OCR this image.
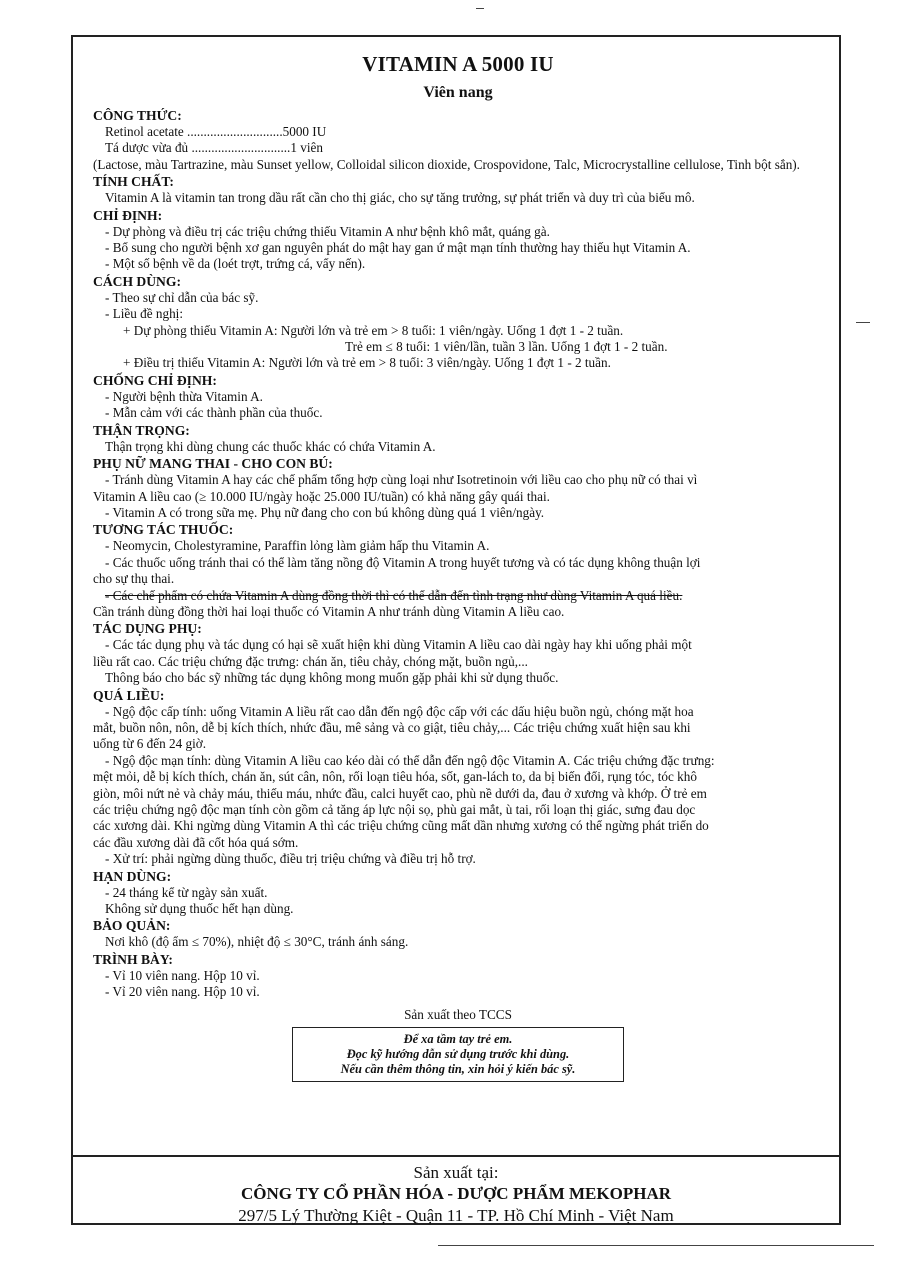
VITAMIN A 5000 IU
Viên nang
CÔNG THỨC:
Retinol acetate .............................5000 IU
Tá dược vừa đủ ..............................1 viên
(Lactose, màu Tartrazine, màu Sunset yellow, Colloidal silicon dioxide, Crospovidone, Talc, Microcrystalline cellulose, Tinh bột sắn).
TÍNH CHẤT:
Vitamin A là vitamin tan trong dầu rất cần cho thị giác, cho sự tăng trưởng, sự phát triển và duy trì của biểu mô.
CHỈ ĐỊNH:
- Dự phòng và điều trị các triệu chứng thiếu Vitamin A như bệnh khô mắt, quáng gà.
- Bổ sung cho người bệnh xơ gan nguyên phát do mật hay gan ứ mật mạn tính thường hay thiếu hụt Vitamin A.
- Một số bệnh về da (loét trợt, trứng cá, vẩy nến).
CÁCH DÙNG:
- Theo sự chỉ dẫn của bác sỹ.
- Liều đề nghị:
+ Dự phòng thiếu Vitamin A: Người lớn và trẻ em > 8 tuổi: 1 viên/ngày. Uống 1 đợt 1 - 2 tuần.
Trẻ em ≤ 8 tuổi: 1 viên/lần, tuần 3 lần. Uống 1 đợt 1 - 2 tuần.
+ Điều trị thiếu Vitamin A: Người lớn và trẻ em > 8 tuổi: 3 viên/ngày. Uống 1 đợt 1 - 2 tuần.
CHỐNG CHỈ ĐỊNH:
- Người bệnh thừa Vitamin A.
- Mẫn cảm với các thành phần của thuốc.
THẬN TRỌNG:
Thận trọng khi dùng chung các thuốc khác có chứa Vitamin A.
PHỤ NỮ MANG THAI - CHO CON BÚ:
- Tránh dùng Vitamin A hay các chế phẩm tổng hợp cùng loại như Isotretinoin với liều cao cho phụ nữ có thai vì
Vitamin A liều cao (≥ 10.000 IU/ngày hoặc 25.000 IU/tuần) có khả năng gây quái thai.
- Vitamin A có trong sữa mẹ. Phụ nữ đang cho con bú không dùng quá 1 viên/ngày.
TƯƠNG TÁC THUỐC:
- Neomycin, Cholestyramine, Paraffin lỏng làm giảm hấp thu Vitamin A.
- Các thuốc uống tránh thai có thể làm tăng nồng độ Vitamin A trong huyết tương và có tác dụng không thuận lợi
cho sự thụ thai.
- Các chế phẩm có chứa Vitamin A dùng đồng thời thì có thể dẫn đến tình trạng như dùng Vitamin A quá liều.
Cần tránh dùng đồng thời hai loại thuốc có Vitamin A như tránh dùng Vitamin A liều cao.
TÁC DỤNG PHỤ:
- Các tác dụng phụ và tác dụng có hại sẽ xuất hiện khi dùng Vitamin A liều cao dài ngày hay khi uống phải một
liều rất cao. Các triệu chứng đặc trưng: chán ăn, tiêu chảy, chóng mặt, buồn ngủ,...
Thông báo cho bác sỹ những tác dụng không mong muốn gặp phải khi sử dụng thuốc.
QUÁ LIỀU:
- Ngộ độc cấp tính: uống Vitamin A liều rất cao dẫn đến ngộ độc cấp với các dấu hiệu buồn ngủ, chóng mặt hoa
mắt, buồn nôn, nôn, dễ bị kích thích, nhức đầu, mê sảng và co giật, tiêu chảy,... Các triệu chứng xuất hiện sau khi
uống từ 6 đến 24 giờ.
- Ngộ độc mạn tính: dùng Vitamin A liều cao kéo dài có thể dẫn đến ngộ độc Vitamin A. Các triệu chứng đặc trưng:
mệt mỏi, dễ bị kích thích, chán ăn, sút cân, nôn, rối loạn tiêu hóa, sốt, gan-lách to, da bị biến đổi, rụng tóc, tóc khô
giòn, môi nứt nẻ và chảy máu, thiếu máu, nhức đầu, calci huyết cao, phù nề dưới da, đau ở xương và khớp. Ở trẻ em
các triệu chứng ngộ độc mạn tính còn gồm cả tăng áp lực nội sọ, phù gai mắt, ù tai, rối loạn thị giác, sưng đau dọc
các xương dài. Khi ngừng dùng Vitamin A thì các triệu chứng cũng mất dần nhưng xương có thể ngừng phát triển do
các đầu xương dài đã cốt hóa quá sớm.
- Xử trí: phải ngừng dùng thuốc, điều trị triệu chứng và điều trị hỗ trợ.
HẠN DÙNG:
- 24 tháng kể từ ngày sản xuất.
Không sử dụng thuốc hết hạn dùng.
BẢO QUẢN:
Nơi khô (độ ẩm ≤ 70%), nhiệt độ ≤ 30°C, tránh ánh sáng.
TRÌNH BÀY:
- Vỉ 10 viên nang. Hộp 10 vỉ.
- Vỉ 20 viên nang. Hộp 10 vỉ.
Sản xuất theo TCCS
Để xa tầm tay trẻ em.
Đọc kỹ hướng dẫn sử dụng trước khi dùng.
Nếu cần thêm thông tin, xin hỏi ý kiến bác sỹ.
Sản xuất tại:
CÔNG TY CỔ PHẦN HÓA - DƯỢC PHẨM MEKOPHAR
297/5 Lý Thường Kiệt - Quận 11 - TP. Hồ Chí Minh - Việt Nam
